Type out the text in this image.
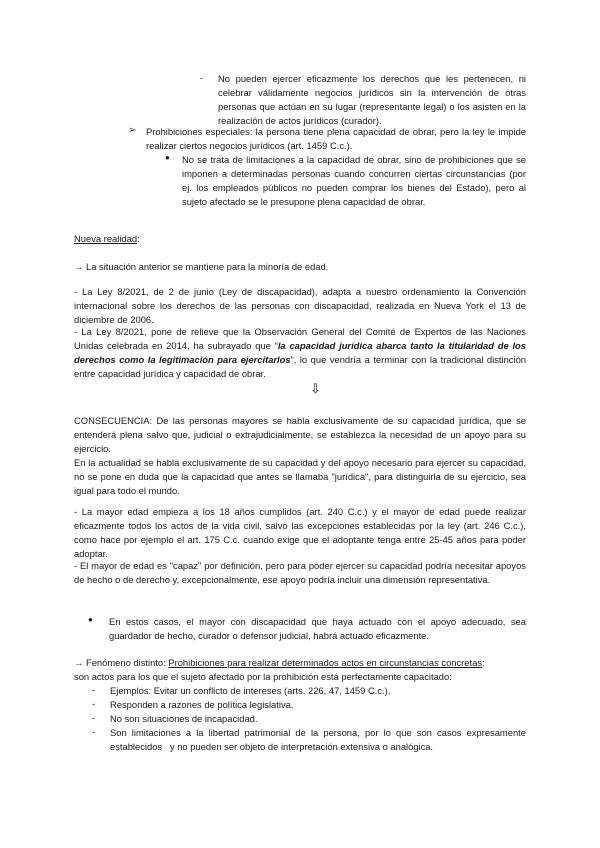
- No pueden ejercer eficazmente los derechos que les pertenecen, ni celebrar válidamente negocios jurídicos sin la intervención de otras personas que actúan en su lugar (representante legal) o los asisten en la realización de actos jurídicos (curador).
➢ Prohibiciones especiales: la persona tiene plena capacidad de obrar, pero la ley le impide realizar ciertos negocios jurídicos (art. 1459 C.c.).
● No se trata de limitaciones a la capacidad de obrar, sino de prohibiciones que se imponen a determinadas personas cuando concurren ciertas circunstancias (por ej. los empleados públicos no pueden comprar los bienes del Estado), pero al sujeto afectado se le presupone plena capacidad de obrar.
Nueva realidad:
→ La situación anterior se mantiene para la minoría de edad.
- La Ley 8/2021, de 2 de junio (Ley de discapacidad), adapta a nuestro ordenamiento la Convención internacional sobre los derechos de las personas con discapacidad, realizada en Nueva York el 13 de diciembre de 2006.
- La Ley 8/2021, pone de relieve que la Observación General del Comité de Expertos de las Naciones Unidas celebrada en 2014, ha subrayado que “la capacidad jurídica abarca tanto la titularidad de los derechos como la legitimación para ejercitarlos”, lo que vendría a terminar con la tradicional distinción entre capacidad jurídica y capacidad de obrar.
⇩
CONSECUENCIA: De las personas mayores se habla exclusivamente de su capacidad jurídica, que se entenderá plena salvo que, judicial o extrajudicialmente, se establezca la necesidad de un apoyo para su ejercicio.
En la actualidad se habla exclusivamente de su capacidad y del apoyo necesario para ejercer su capacidad, no se pone en duda que la capacidad que antes se llamaba "jurídica", para distinguirla de su ejercicio, sea igual para todo el mundo.
- La mayor edad empieza a los 18 años cumplidos (art. 240 C.c.) y el mayor de edad puede realizar eficazmente todos los actos de la vida civil, salvo las excepciones establecidas por la ley (art. 246 C.c.), como hace por ejemplo el art. 175 C.c. cuando exige que el adoptante tenga entre 25-45 años para poder adoptar.
- El mayor de edad es "capaz" por definición, pero para poder ejercer su capacidad podría necesitar apoyos de hecho o de derecho y, excepcionalmente, ese apoyo podría incluir una dimensión representativa.
● En estos casos, el mayor con discapacidad que haya actuado con el apoyo adecuado, sea guardador de hecho, curador o defensor judicial, habrá actuado eficazmente.
→ Fenómeno distinto: Prohibiciones para realizar determinados actos en circunstancias concretas:
son actos para los que el sujeto afectado por la prohibición está perfectamente capacitado:
- Ejemplos: Evitar un conflicto de intereses (arts. 226, 47, 1459 C.c.).
- Responden a razones de política legislativa.
- No son situaciones de incapacidad.
- Son limitaciones a la libertad patrimonial de la persona, por lo que son casos expresamente establecidos   y no pueden ser objeto de interpretación extensiva o analógica.
